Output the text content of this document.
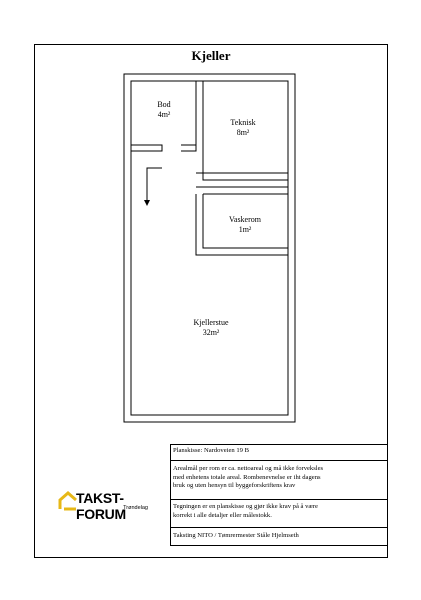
Kjeller
Bod
4m²
Teknisk
8m²
Vaskerom
1m²
Kjellerstue
32m²
TAKST-FORUM
Trøndelag
Planskisse: Nardoveien 19 B
Arealmål per rom er ca. nettoareal og må ikke forveksles
med enhetens totale areal. Rombenevnelse er iht dagens
bruk og uten hensyn til byggeforskriftens krav
Tegningen er en planskisse og gjør ikke krav på å være
korrekt i alle detaljer eller målestokk.
Taksting NITO / Tømrermester Ståle Hjelmseth
